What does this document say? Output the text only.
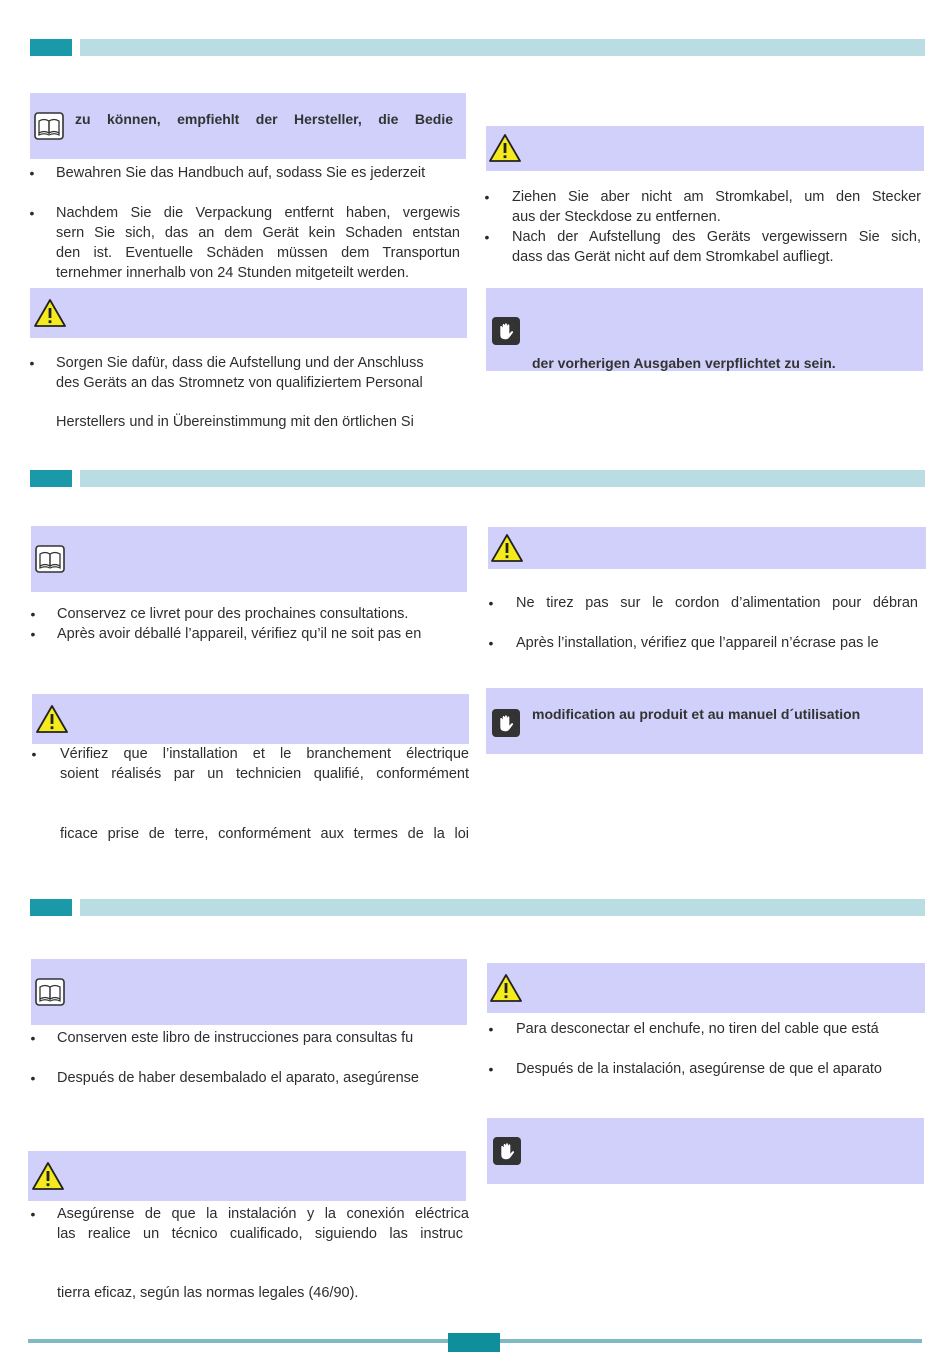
zu können, empfiehlt der Hersteller, die Bedie
• Bewahren Sie das Handbuch auf, sodass Sie es jederzeit
• Nachdem Sie die Verpackung entfernt haben, vergewis
sern Sie sich, das an dem Gerät kein Schaden entstan
den ist. Eventuelle Schäden müssen dem Transportun
ternehmer innerhalb von 24 Stunden mitgeteilt werden.
• Sorgen Sie dafür, dass die Aufstellung und der Anschluss
des Geräts an das Stromnetz von qualifiziertem Personal
Herstellers und in Übereinstimmung mit den örtlichen Si
• Ziehen Sie aber nicht am Stromkabel, um den Stecker
aus der Steckdose zu entfernen.
• Nach der Aufstellung des Geräts vergewissern Sie sich,
dass das Gerät nicht auf dem Stromkabel aufliegt.
der vorherigen Ausgaben verpflichtet zu sein.
• Conservez ce livret pour des prochaines consultations.
• Après avoir déballé l’appareil, vérifiez qu’il ne soit pas en
• Vérifiez que l’installation et le branchement électrique
soient réalisés par un technicien qualifié, conformément
ficace prise de terre, conformément aux termes de la loi
• Ne tirez pas sur le cordon d’alimentation pour débran
• Après l’installation, vérifiez que l’appareil n’écrase pas le
modification au produit et au manuel d´utilisation
• Conserven este libro de instrucciones para consultas fu
• Después de haber desembalado el aparato, asegúrense
• Asegúrense de que la instalación y la conexión eléctrica
las realice un técnico cualificado, siguiendo las instruc
tierra eficaz, según las normas legales (46/90).
• Para desconectar el enchufe, no tiren del cable que está
• Después de la instalación, asegúrense de que el aparato
